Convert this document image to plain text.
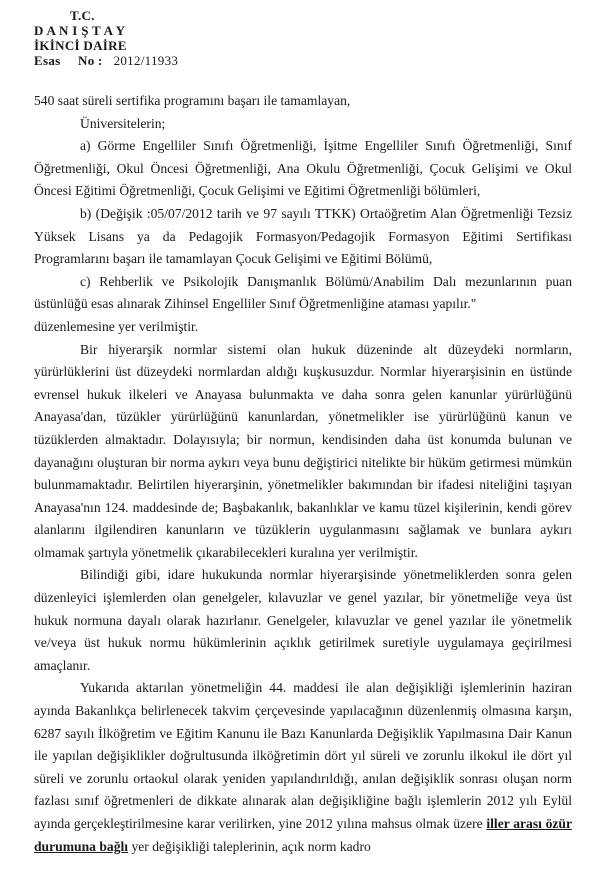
T.C.
D A N I Ş T A Y
İKİNCİ DAİRE
Esas No : 2012/11933

540 saat süreli sertifika programını başarı ile tamamlayan,

Üniversitelerin;

a) Görme Engelliler Sınıfı Öğretmenliği, İşitme Engelliler Sınıfı Öğretmenliği, Sınıf Öğretmenliği, Okul Öncesi Öğretmenliği, Ana Okulu Öğretmenliği, Çocuk Gelişimi ve Okul Öncesi Eğitimi Öğretmenliği, Çocuk Gelişimi ve Eğitimi Öğretmenliği bölümleri,

b) (Değişik :05/07/2012 tarih ve 97 sayılı TTKK) Ortaöğretim Alan Öğretmenliği Tezsiz Yüksek Lisans ya da Pedagojik Formasyon/Pedagojik Formasyon Eğitimi Sertifikası Programlarını başarı ile tamamlayan Çocuk Gelişimi ve Eğitimi Bölümü,

c) Rehberlik ve Psikolojik Danışmanlık Bölümü/Anabilim Dalı mezunlarının puan üstünlüğü esas alınarak Zihinsel Engelliler Sınıf Öğretmenliğine ataması yapılır."

düzenlemesine yer verilmiştir.

Bir hiyerarşik normlar sistemi olan hukuk düzeninde alt düzeydeki normların, yürürlüklerini üst düzeydeki normlardan aldığı kuşkusuzdur. Normlar hiyerarşisinin en üstünde evrensel hukuk ilkeleri ve Anayasa bulunmakta ve daha sonra gelen kanunlar yürürlüğünü Anayasa'dan, tüzükler yürürlüğünü kanunlardan, yönetmelikler ise yürürlüğünü kanun ve tüzüklerden almaktadır. Dolayısıyla; bir normun, kendisinden daha üst konumda bulunan ve dayanağını oluşturan bir norma aykırı veya bunu değiştirici nitelikte bir hüküm getirmesi mümkün bulunmamaktadır. Belirtilen hiyerarşinin, yönetmelikler bakımından bir ifadesi niteliğini taşıyan Anayasa'nın 124. maddesinde de; Başbakanlık, bakanlıklar ve kamu tüzel kişilerinin, kendi görev alanlarını ilgilendiren kanunların ve tüzüklerin uygulanmasını sağlamak ve bunlara aykırı olmamak şartıyla yönetmelik çıkarabilecekleri kuralına yer verilmiştir.

Bilindiği gibi, idare hukukunda normlar hiyerarşisinde yönetmeliklerden sonra gelen düzenleyici işlemlerden olan genelgeler, kılavuzlar ve genel yazılar, bir yönetmeliğe veya üst hukuk normuna dayalı olarak hazırlanır. Genelgeler, kılavuzlar ve genel yazılar ile yönetmelik ve/veya üst hukuk normu hükümlerinin açıklık getirilmek suretiyle uygulamaya geçirilmesi amaçlanır.

Yukarıda aktarılan yönetmeliğin 44. maddesi ile alan değişikliği işlemlerinin haziran ayında Bakanlıkça belirlenecek takvim çerçevesinde yapılacağının düzenlenmiş olmasına karşın, 6287 sayılı İlköğretim ve Eğitim Kanunu ile Bazı Kanunlarda Değişiklik Yapılmasına Dair Kanun ile yapılan değişiklikler doğrultusunda ilköğretimin dört yıl süreli ve zorunlu ilkokul ile dört yıl süreli ve zorunlu ortaokul olarak yeniden yapılandırıldığı, anılan değişiklik sonrası oluşan norm fazlası sınıf öğretmenleri de dikkate alınarak alan değişikliğine bağlı işlemlerin 2012 yılı Eylül ayında gerçekleştirilmesine karar verilirken, yine 2012 yılına mahsus olmak üzere iller arası özür durumuna bağlı yer değişikliği taleplerinin, açık norm kadro
